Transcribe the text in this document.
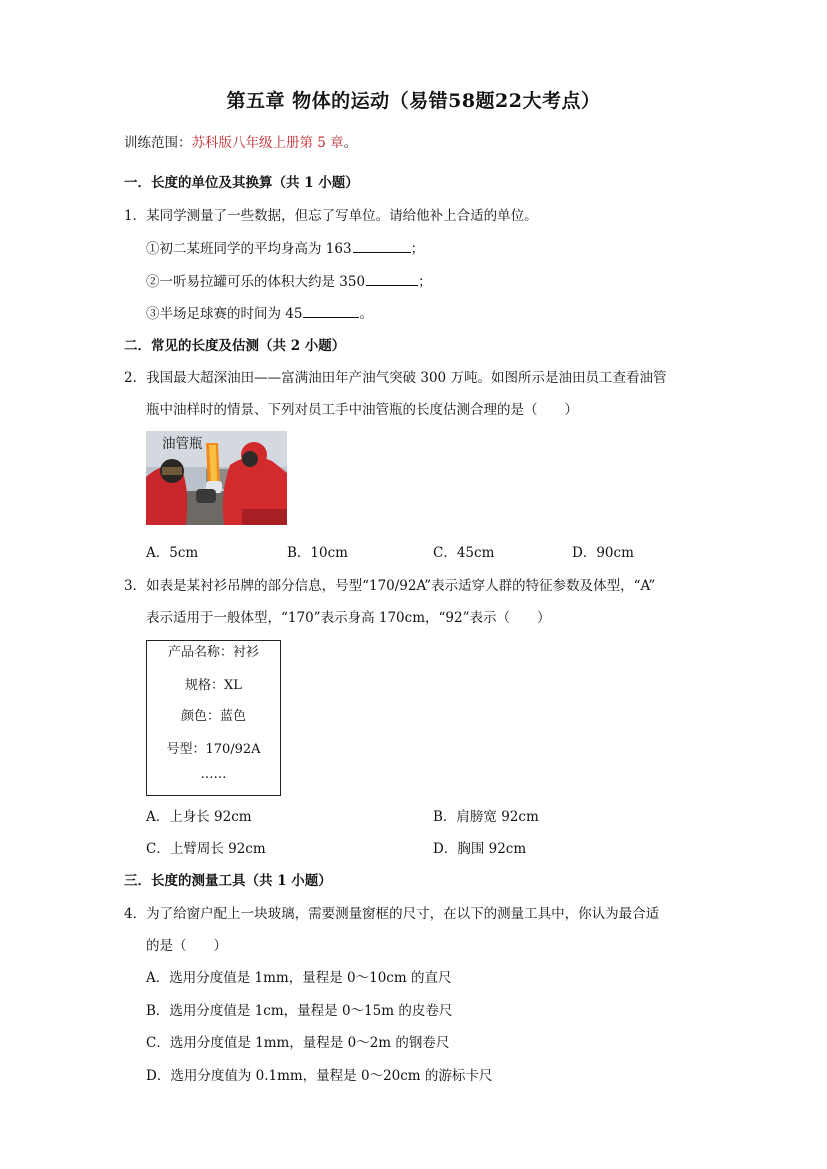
第五章 物体的运动（易错58题22大考点）
训练范围：苏科版八年级上册第 5 章。
一．长度的单位及其换算（共 1 小题）
1．某同学测量了一些数据，但忘了写单位。请给他补上合适的单位。
①初二某班同学的平均身高为 163	；
②一听易拉罐可乐的体积大约是 350	；
③半场足球赛的时间为 45	。
二．常见的长度及估测（共 2 小题）
2．我国最大超深油田——富满油田年产油气突破 300 万吨。如图所示是油田员工查看油管
瓶中油样时的情景、下列对员工手中油管瓶的长度估测合理的是（　　）
油管瓶
A．5cm	B．10cm	C．45cm	D．90cm
3．如表是某衬衫吊牌的部分信息，号型“170/92A”表示适穿人群的特征参数及体型，“A”
表示适用于一般体型，“170”表示身高 170cm，“92”表示（　　）
产品名称：衬衫
规格：XL
颜色：蓝色
号型：170/92A
……
A．上身长 92cm	B．肩膀宽 92cm
C．上臂周长 92cm	D．胸围 92cm
三．长度的测量工具（共 1 小题）
4．为了给窗户配上一块玻璃，需要测量窗框的尺寸，在以下的测量工具中，你认为最合适
的是（　　）
A．选用分度值是 1mm，量程是 0～10cm 的直尺
B．选用分度值是 1cm，量程是 0～15m 的皮卷尺
C．选用分度值是 1mm，量程是 0～2m 的钢卷尺
D．选用分度值为 0.1mm，量程是 0～20cm 的游标卡尺
